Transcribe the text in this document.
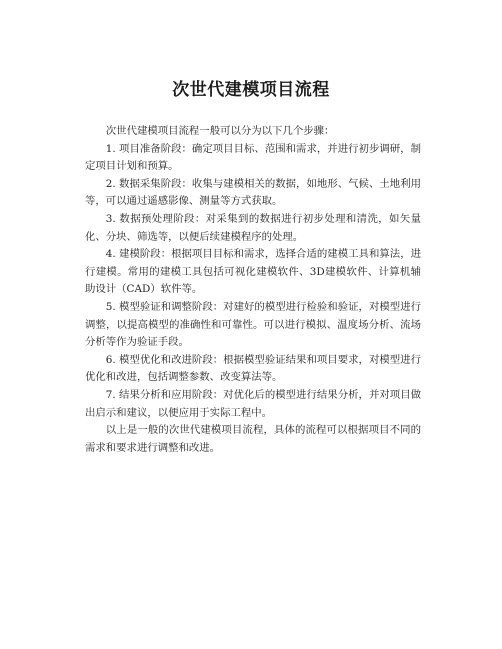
次世代建模项目流程

次世代建模项目流程一般可以分为以下几个步骤：

1. 项目准备阶段：确定项目目标、范围和需求，并进行初步调研，制定项目计划和预算。

2. 数据采集阶段：收集与建模相关的数据，如地形、气候、土地利用等，可以通过遥感影像、测量等方式获取。

3. 数据预处理阶段：对采集到的数据进行初步处理和清洗，如矢量化、分块、筛选等，以便后续建模程序的处理。

4. 建模阶段：根据项目目标和需求，选择合适的建模工具和算法，进行建模。常用的建模工具包括可视化建模软件、3D建模软件、计算机辅助设计（CAD）软件等。

5. 模型验证和调整阶段：对建好的模型进行检验和验证，对模型进行调整，以提高模型的准确性和可靠性。可以进行模拟、温度场分析、流场分析等作为验证手段。

6. 模型优化和改进阶段：根据模型验证结果和项目要求，对模型进行优化和改进，包括调整参数、改变算法等。

7. 结果分析和应用阶段：对优化后的模型进行结果分析，并对项目做出启示和建议，以便应用于实际工程中。

以上是一般的次世代建模项目流程，具体的流程可以根据项目不同的需求和要求进行调整和改进。
